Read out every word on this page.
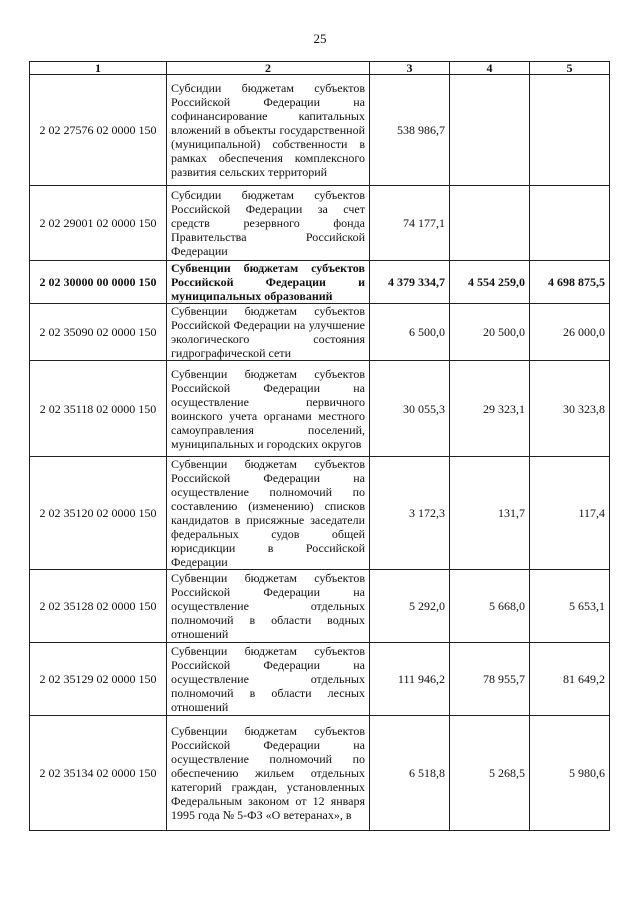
25
1	2	3	4	5
2 02 27576 02 0000 150	Субсидии бюджетам субъектов Российской Федерации на софинансирование капитальных вложений в объекты государственной (муниципальной) собственности в рамках обеспечения комплексного развития сельских территорий	538 986,7		
2 02 29001 02 0000 150	Субсидии бюджетам субъектов Российской Федерации за счет средств резервного фонда Правительства Российской Федерации	74 177,1		
2 02 30000 00 0000 150	Субвенции бюджетам субъектов Российской Федерации и муниципальных образований	4 379 334,7	4 554 259,0	4 698 875,5
2 02 35090 02 0000 150	Субвенции бюджетам субъектов Российской Федерации на улучшение экологического состояния гидрографической сети	6 500,0	20 500,0	26 000,0
2 02 35118 02 0000 150	Субвенции бюджетам субъектов Российской Федерации на осуществление первичного воинского учета органами местного самоуправления поселений, муниципальных и городских округов	30 055,3	29 323,1	30 323,8
2 02 35120 02 0000 150	Субвенции бюджетам субъектов Российской Федерации на осуществление полномочий по составлению (изменению) списков кандидатов в присяжные заседатели федеральных судов общей юрисдикции в Российской Федерации	3 172,3	131,7	117,4
2 02 35128 02 0000 150	Субвенции бюджетам субъектов Российской Федерации на осуществление отдельных полномочий в области водных отношений	5 292,0	5 668,0	5 653,1
2 02 35129 02 0000 150	Субвенции бюджетам субъектов Российской Федерации на осуществление отдельных полномочий в области лесных отношений	111 946,2	78 955,7	81 649,2
2 02 35134 02 0000 150	Субвенции бюджетам субъектов Российской Федерации на осуществление полномочий по обеспечению жильем отдельных категорий граждан, установленных Федеральным законом от 12 января 1995 года № 5-ФЗ «О ветеранах», в	6 518,8	5 268,5	5 980,6
